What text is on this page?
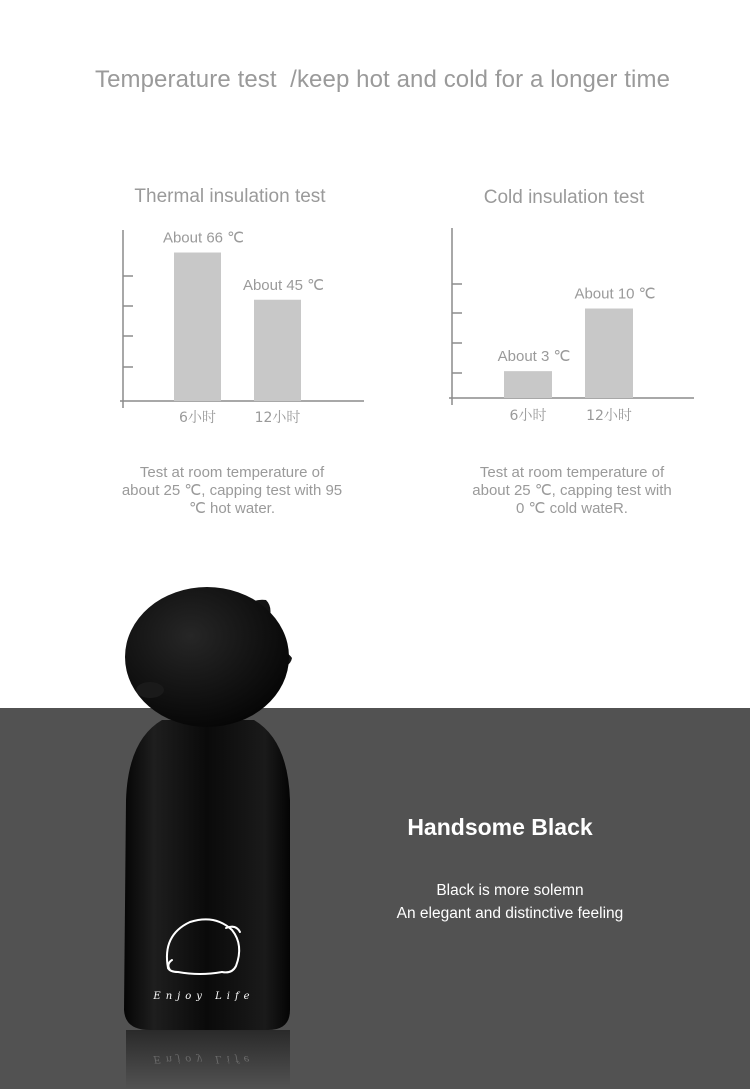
Temperature test  /keep hot and cold for a longer time
Thermal insulation test
About 66 ℃
6小时
About 45 ℃
12小时
Cold insulation test
About 3 ℃
6小时
About 10 ℃
12小时
Test at room temperature of
about 25 ℃, capping test with 95
℃ hot water.
Test at room temperature of
about 25 ℃, capping test with
0 ℃ cold wateR.
Enjoy Life
Enjoy Life
Handsome Black
Black is more solemn
An elegant and distinctive feeling
